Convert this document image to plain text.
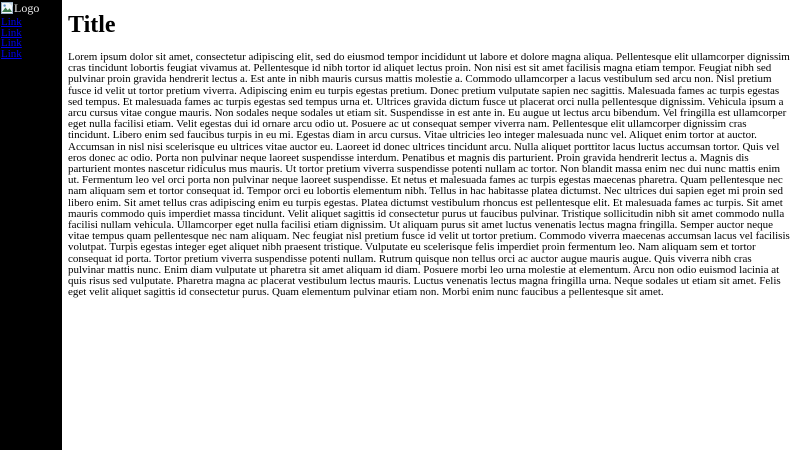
Logo
Link
Link
Link
Link
Title

Lorem ipsum dolor sit amet, consectetur adipiscing elit, sed do eiusmod tempor incididunt ut labore et dolore magna aliqua. Pellentesque elit ullamcorper dignissim cras tincidunt lobortis feugiat vivamus at. Pellentesque id nibh tortor id aliquet lectus proin. Non nisi est sit amet facilisis magna etiam tempor. Feugiat nibh sed pulvinar proin gravida hendrerit lectus a. Est ante in nibh mauris cursus mattis molestie a. Commodo ullamcorper a lacus vestibulum sed arcu non. Nisl pretium fusce id velit ut tortor pretium viverra. Adipiscing enim eu turpis egestas pretium. Donec pretium vulputate sapien nec sagittis. Malesuada fames ac turpis egestas sed tempus. Et malesuada fames ac turpis egestas sed tempus urna et. Ultrices gravida dictum fusce ut placerat orci nulla pellentesque dignissim. Vehicula ipsum a arcu cursus vitae congue mauris. Non sodales neque sodales ut etiam sit. Suspendisse in est ante in. Eu augue ut lectus arcu bibendum. Vel fringilla est ullamcorper eget nulla facilisi etiam. Velit egestas dui id ornare arcu odio ut. Posuere ac ut consequat semper viverra nam. Pellentesque elit ullamcorper dignissim cras tincidunt. Libero enim sed faucibus turpis in eu mi. Egestas diam in arcu cursus. Vitae ultricies leo integer malesuada nunc vel. Aliquet enim tortor at auctor. Accumsan in nisl nisi scelerisque eu ultrices vitae auctor eu. Laoreet id donec ultrices tincidunt arcu. Nulla aliquet porttitor lacus luctus accumsan tortor. Quis vel eros donec ac odio. Porta non pulvinar neque laoreet suspendisse interdum. Penatibus et magnis dis parturient. Proin gravida hendrerit lectus a. Magnis dis parturient montes nascetur ridiculus mus mauris. Ut tortor pretium viverra suspendisse potenti nullam ac tortor. Non blandit massa enim nec dui nunc mattis enim ut. Fermentum leo vel orci porta non pulvinar neque laoreet suspendisse. Et netus et malesuada fames ac turpis egestas maecenas pharetra. Quam pellentesque nec nam aliquam sem et tortor consequat id. Tempor orci eu lobortis elementum nibh. Tellus in hac habitasse platea dictumst. Nec ultrices dui sapien eget mi proin sed libero enim. Sit amet tellus cras adipiscing enim eu turpis egestas. Platea dictumst vestibulum rhoncus est pellentesque elit. Et malesuada fames ac turpis. Sit amet mauris commodo quis imperdiet massa tincidunt. Velit aliquet sagittis id consectetur purus ut faucibus pulvinar. Tristique sollicitudin nibh sit amet commodo nulla facilisi nullam vehicula. Ullamcorper eget nulla facilisi etiam dignissim. Ut aliquam purus sit amet luctus venenatis lectus magna fringilla. Semper auctor neque vitae tempus quam pellentesque nec nam aliquam. Nec feugiat nisl pretium fusce id velit ut tortor pretium. Commodo viverra maecenas accumsan lacus vel facilisis volutpat. Turpis egestas integer eget aliquet nibh praesent tristique. Vulputate eu scelerisque felis imperdiet proin fermentum leo. Nam aliquam sem et tortor consequat id porta. Tortor pretium viverra suspendisse potenti nullam. Rutrum quisque non tellus orci ac auctor augue mauris augue. Quis viverra nibh cras pulvinar mattis nunc. Enim diam vulputate ut pharetra sit amet aliquam id diam. Posuere morbi leo urna molestie at elementum. Arcu non odio euismod lacinia at quis risus sed vulputate. Pharetra magna ac placerat vestibulum lectus mauris. Luctus venenatis lectus magna fringilla urna. Neque sodales ut etiam sit amet. Felis eget velit aliquet sagittis id consectetur purus. Quam elementum pulvinar etiam non. Morbi enim nunc faucibus a pellentesque sit amet.
